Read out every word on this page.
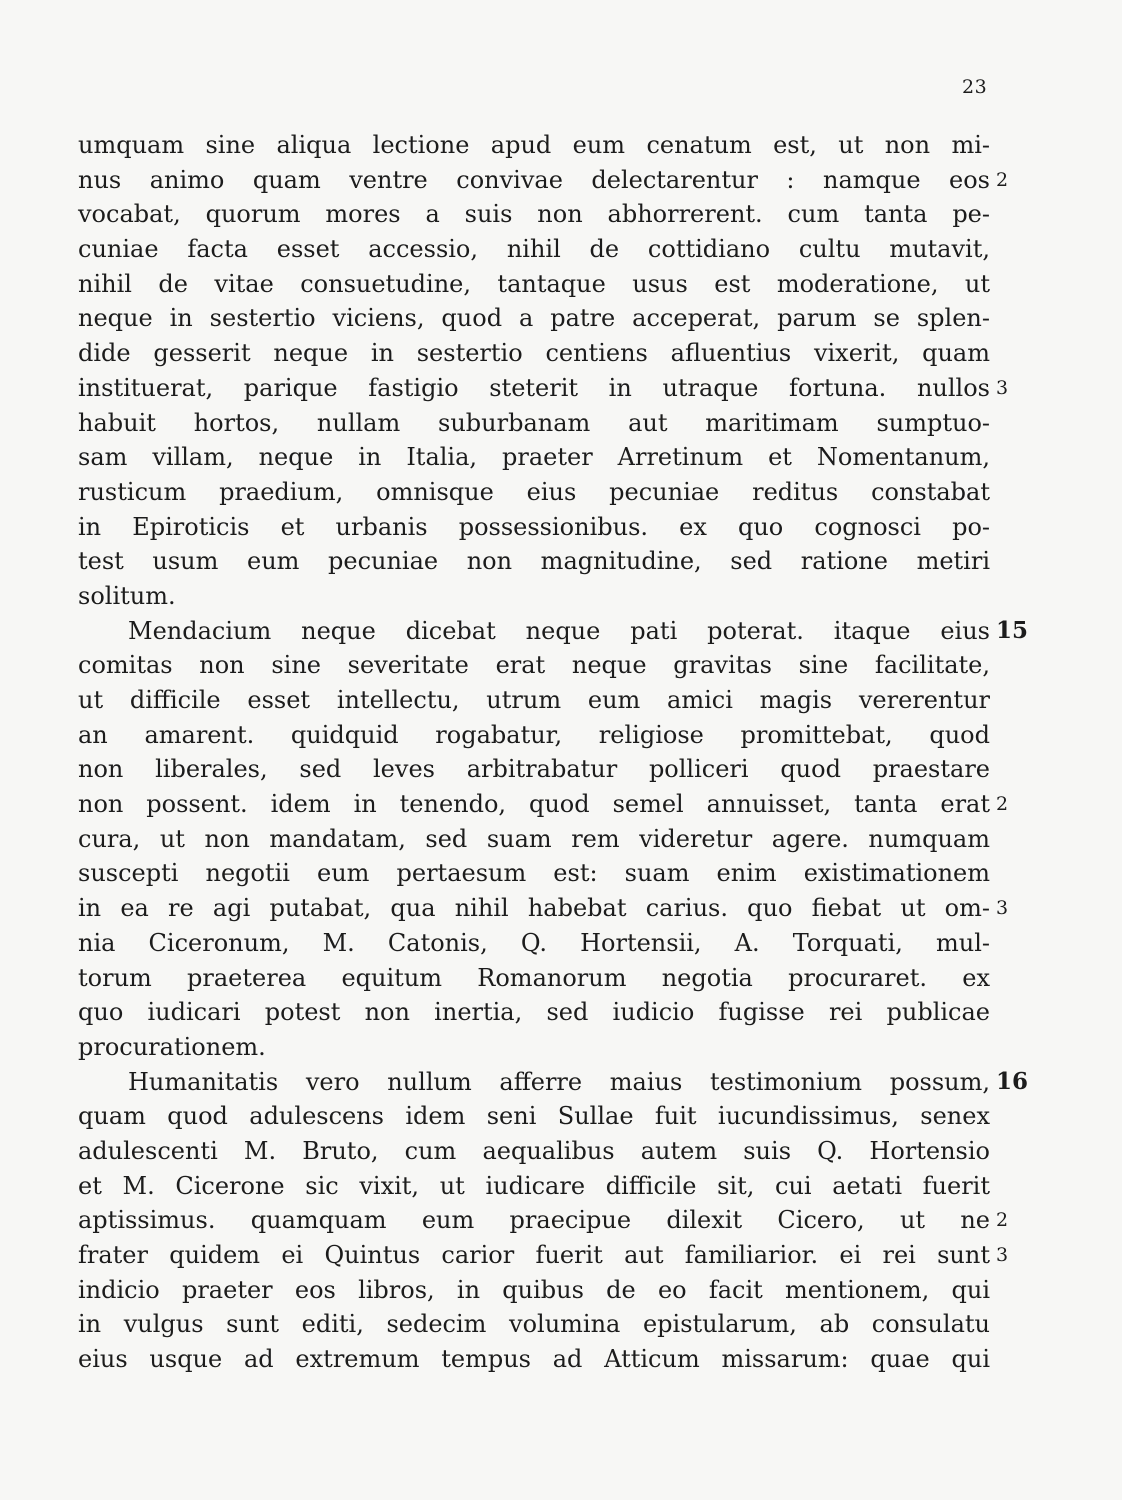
23
umquam sine aliqua lectione apud eum cenatum est, ut non mi-
nus animo quam ventre convivae delectarentur : namque eos 2
vocabat, quorum mores a suis non abhorrerent. cum tanta pe-
cuniae facta esset accessio, nihil de cottidiano cultu mutavit,
nihil de vitae consuetudine, tantaque usus est moderatione, ut
neque in sestertio viciens, quod a patre acceperat, parum se splen-
dide gesserit neque in sestertio centiens afluentius vixerit, quam
instituerat, parique fastigio steterit in utraque fortuna. nullos 3
habuit hortos, nullam suburbanam aut maritimam sumptuo-
sam villam, neque in Italia, praeter Arretinum et Nomentanum,
rusticum praedium, omnisque eius pecuniae reditus constabat
in Epiroticis et urbanis possessionibus. ex quo cognosci po-
test usum eum pecuniae non magnitudine, sed ratione metiri
solitum.
Mendacium neque dicebat neque pati poterat. itaque eius 15
comitas non sine severitate erat neque gravitas sine facilitate,
ut difficile esset intellectu, utrum eum amici magis vererentur
an amarent. quidquid rogabatur, religiose promittebat, quod
non liberales, sed leves arbitrabatur polliceri quod praestare
non possent. idem in tenendo, quod semel annuisset, tanta erat 2
cura, ut non mandatam, sed suam rem videretur agere. numquam
suscepti negotii eum pertaesum est: suam enim existimationem
in ea re agi putabat, qua nihil habebat carius. quo fiebat ut om- 3
nia Ciceronum, M. Catonis, Q. Hortensii, A. Torquati, mul-
torum praeterea equitum Romanorum negotia procuraret. ex
quo iudicari potest non inertia, sed iudicio fugisse rei publicae
procurationem.
Humanitatis vero nullum afferre maius testimonium possum, 16
quam quod adulescens idem seni Sullae fuit iucundissimus, senex
adulescenti M. Bruto, cum aequalibus autem suis Q. Hortensio
et M. Cicerone sic vixit, ut iudicare difficile sit, cui aetati fuerit
aptissimus. quamquam eum praecipue dilexit Cicero, ut ne 2
frater quidem ei Quintus carior fuerit aut familiarior. ei rei sunt 3
indicio praeter eos libros, in quibus de eo facit mentionem, qui
in vulgus sunt editi, sedecim volumina epistularum, ab consulatu
eius usque ad extremum tempus ad Atticum missarum: quae qui
